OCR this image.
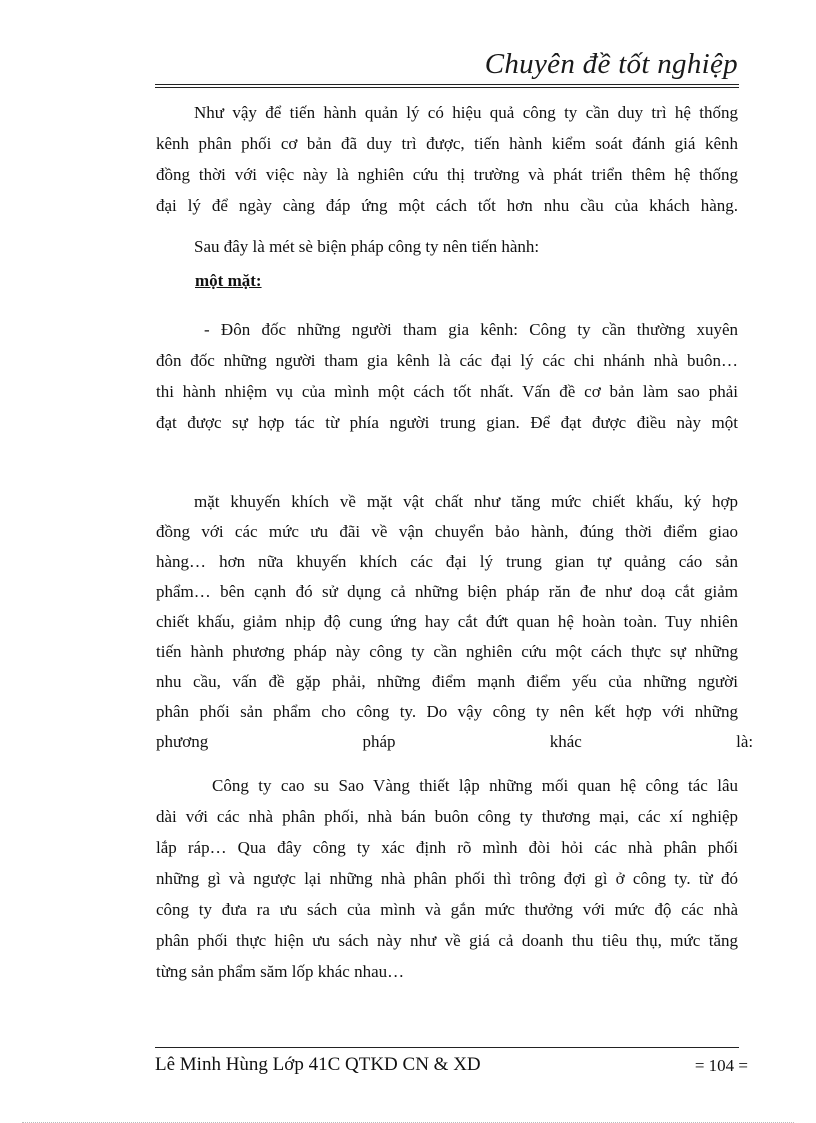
Chuyên đề tốt nghiệp
Như vậy để tiến hành quản lý có hiệu quả công ty cần duy trì hệ thống
kênh phân phối cơ bản đã duy trì được, tiến hành kiểm soát đánh giá kênh
đồng thời với việc này là nghiên cứu thị trường và phát triển thêm hệ thống
đại lý để ngày càng đáp ứng một cách tốt hơn nhu cầu của khách hàng.
Sau đây là mét sè biện pháp công ty nên tiến hành:
một mặt:
- Đôn đốc những người tham gia kênh: Công ty cần thường xuyên
đôn đốc những người tham gia kênh là các đại lý các chi nhánh nhà buôn…
thi hành nhiệm vụ của mình một cách tốt nhất. Vấn đề cơ bản làm sao phải
đạt được sự hợp tác từ phía người trung gian. Để đạt được điều này một
mặt khuyến khích về mặt vật chất như tăng mức chiết khấu, ký hợp
đồng với các mức ưu đãi về vận chuyển bảo hành, đúng thời điểm giao
hàng… hơn nữa khuyến khích các đại lý trung gian tự quảng cáo sản
phẩm… bên cạnh đó sử dụng cả những biện pháp răn đe như doạ cắt giảm
chiết khấu, giảm nhịp độ cung ứng hay cắt đứt quan hệ hoàn toàn. Tuy nhiên
tiến hành phương pháp này công ty cần nghiên cứu một cách thực sự những
nhu cầu, vấn đề gặp phải, những điểm mạnh điểm yếu của những người
phân phối sản phẩm cho công ty. Do vậy công ty nên kết hợp với những
phương pháp khác là:
Công ty cao su Sao Vàng thiết lập những mối quan hệ công tác lâu
dài với các nhà phân phối, nhà bán buôn công ty thương mại, các xí nghiệp
lắp ráp… Qua đây công ty xác định rõ mình đòi hỏi các nhà phân phối
những gì và ngược lại những nhà phân phối thì trông đợi gì ở công ty. từ đó
công ty đưa ra ưu sách của mình và gắn mức thưởng với mức độ các nhà
phân phối thực hiện ưu sách này như về giá cả doanh thu tiêu thụ, mức tăng
từng sản phẩm săm lốp khác nhau…
Lê Minh Hùng Lớp 41C QTKD CN & XD	= 104 =
